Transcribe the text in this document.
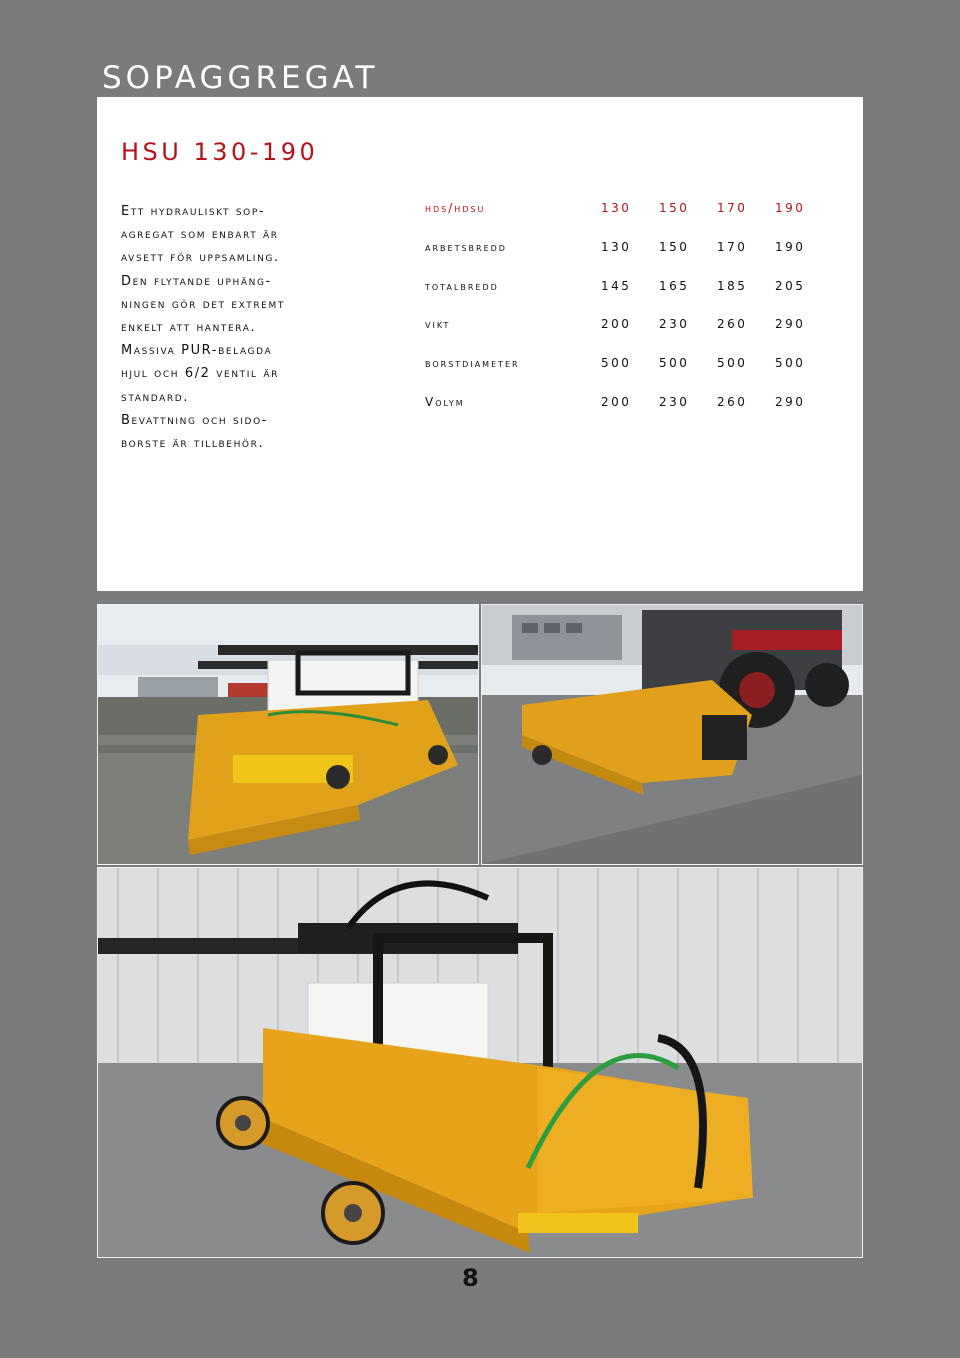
SOPAGGREGAT
HSU 130-190

Ett hydrauliskt sop-

agregat som enbart är

avsett för uppsamling.

Den flytande uphäng-

ningen gör det extremt

enkelt att hantera.

Massiva PUR-belagda

hjul och 6/2 ventil är

standard.

Bevattning och sido-

borste är tillbehör.

hds/hdsu	130	150	170	190
arbetsbredd	130	150	170	190
totalbredd	145	165	185	205
vikt	200	230	260	290
borstdiameter	500	500	500	500
Volym	200	230	260	290
8
